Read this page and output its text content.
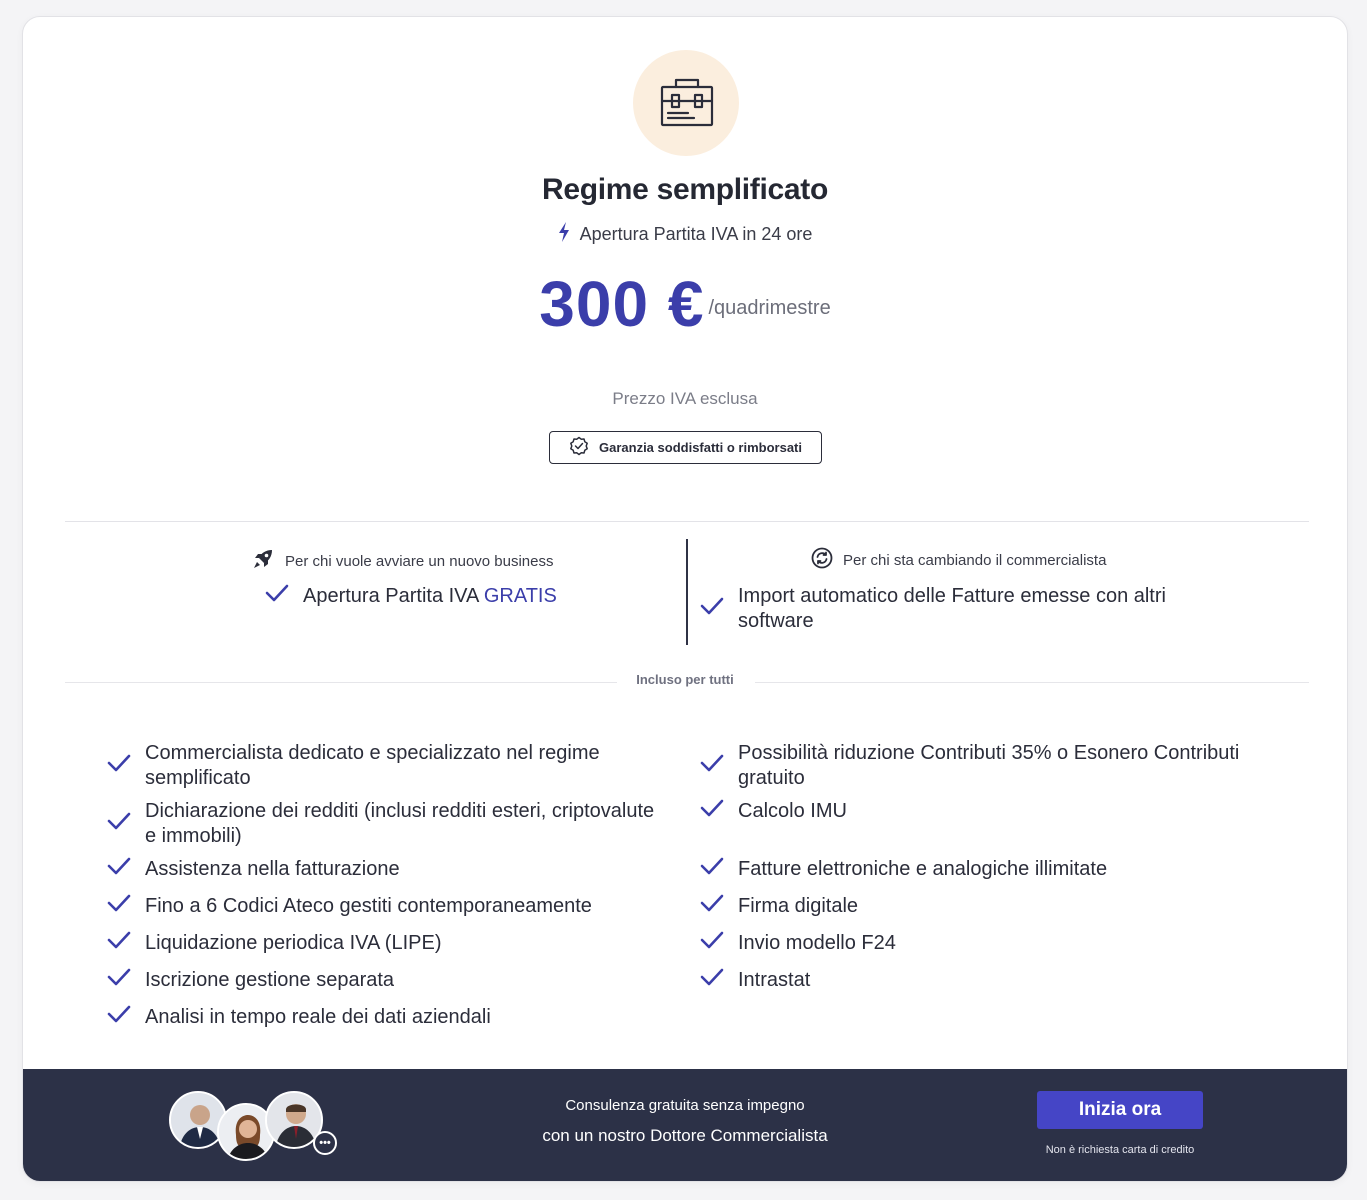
Regime semplificato
Apertura Partita IVA in 24 ore
300 € /quadrimestre
Prezzo IVA esclusa
Garanzia soddisfatti o rimborsati
Per chi vuole avviare un nuovo business
Apertura Partita IVA GRATIS
Per chi sta cambiando il commercialista
Import automatico delle Fatture emesse con altri
software
Incluso per tutti
Commercialista dedicato e specializzato nel regime semplificato
Dichiarazione dei redditi (inclusi redditi esteri, criptovalute e immobili)
Assistenza nella fatturazione
Fino a 6 Codici Ateco gestiti contemporaneamente
Liquidazione periodica IVA (LIPE)
Iscrizione gestione separata
Analisi in tempo reale dei dati aziendali
Possibilità riduzione Contributi 35% o Esonero Contributi gratuito
Calcolo IMU
Fatture elettroniche e analogiche illimitate
Firma digitale
Invio modello F24
Intrastat
•••
Consulenza gratuita senza impegno
con un nostro Dottore Commercialista
Inizia ora
Non è richiesta carta di credito
